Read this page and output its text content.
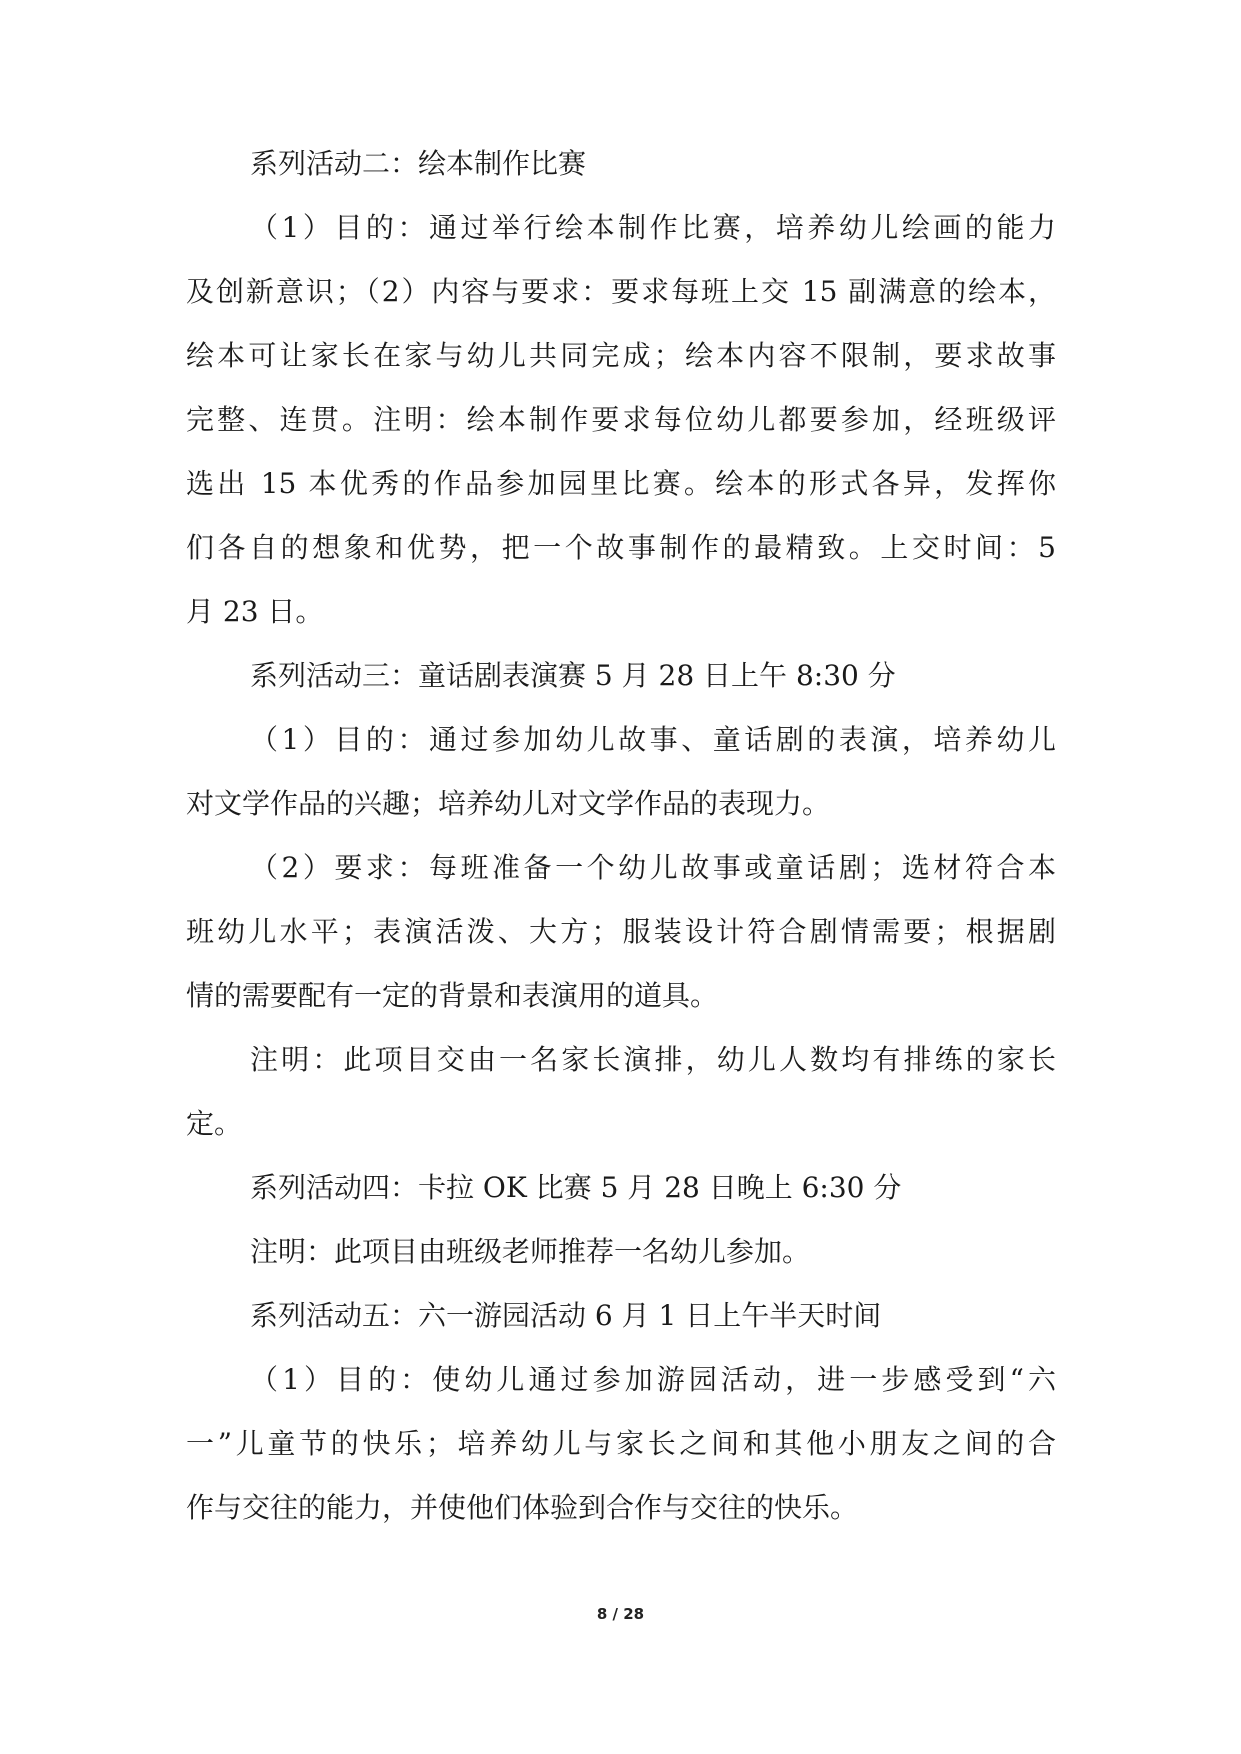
系列活动二：绘本制作比赛
（1）目的：通过举行绘本制作比赛，培养幼儿绘画的能力
及创新意识；（2）内容与要求：要求每班上交 15 副满意的绘本，
绘本可让家长在家与幼儿共同完成；绘本内容不限制，要求故事
完整、连贯。注明：绘本制作要求每位幼儿都要参加，经班级评
选出 15 本优秀的作品参加园里比赛。绘本的形式各异，发挥你
们各自的想象和优势，把一个故事制作的最精致。上交时间：5
月 23 日。
系列活动三：童话剧表演赛 5 月 28 日上午 8:30 分
（1）目的：通过参加幼儿故事、童话剧的表演，培养幼儿
对文学作品的兴趣；培养幼儿对文学作品的表现力。
（2）要求：每班准备一个幼儿故事或童话剧；选材符合本
班幼儿水平；表演活泼、大方；服装设计符合剧情需要；根据剧
情的需要配有一定的背景和表演用的道具。
注明：此项目交由一名家长演排，幼儿人数均有排练的家长
定。
系列活动四：卡拉 OK 比赛 5 月 28 日晚上 6:30 分
注明：此项目由班级老师推荐一名幼儿参加。
系列活动五：六一游园活动 6 月 1 日上午半天时间
（1）目的：使幼儿通过参加游园活动，进一步感受到“六
一”儿童节的快乐；培养幼儿与家长之间和其他小朋友之间的合
作与交往的能力，并使他们体验到合作与交往的快乐。
8 / 28
